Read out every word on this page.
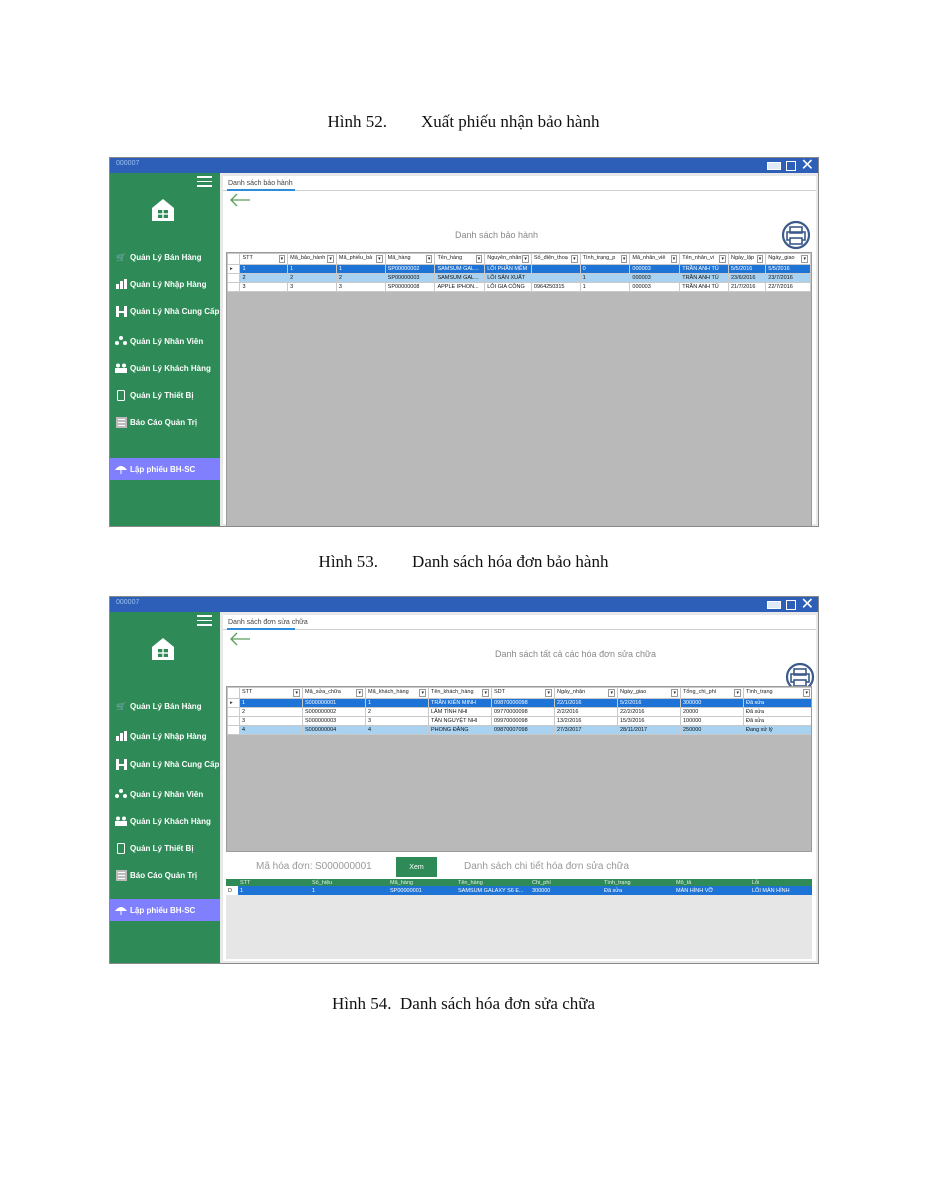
Hình 52.        Xuất phiếu nhận bảo hành
Hình 53.        Danh sách hóa đơn bảo hành
Hình 54.  Danh sách hóa đơn sửa chữa
000007	✕
🛒 Quản Lý Bán Hàng
Quản Lý Nhập Hàng
Quản Lý Nhà Cung Cấp
Quản Lý Nhân Viên
Quản Lý Khách Hàng
Quản Lý Thiết Bị
Báo Cáo Quản Trị
Lập phiếu BH-SC
Danh sách bảo hành
Danh sách bảo hành
	STT ▾	Mã_bảo_hành ▾	Mã_phiếu_bả ▾	Mã_hàng ▾	Tên_hàng ▾	Nguyên_nhân ▾	Số_điện_thoạ ▾	Tình_trạng_p ▾	Mã_nhân_viê ▾	Tên_nhân_vi ▾	Ngày_lập ▾	Ngày_giao ▾

▸	1	1	1	SP00000002	SAMSUM GAL...	LỖI PHẦN MỀM		0	000003	TRẦN ANH TÚ	5/5/2016	5/5/2016
	2	2	2	SP00000003	SAMSUM GAL...	LỖI SẢN XUẤT		1	000003	TRẦN ANH TÚ	23/6/2016	23/7/2016
	3	3	3	SP00000008	APPLE IPHON...	LỖI GIA CÔNG	0964250315	1	000003	TRẦN ANH TÚ	21/7/2016	22/7/2016
000007	✕
🛒 Quản Lý Bán Hàng
Quản Lý Nhập Hàng
Quản Lý Nhà Cung Cấp
Quản Lý Nhân Viên
Quản Lý Khách Hàng
Quản Lý Thiết Bị
Báo Cáo Quản Trị
Lập phiếu BH-SC
Danh sách đơn sửa chữa
Danh sách tất cả các hóa đơn sửa chữa
	STT ▾	Mã_sửa_chữa ▾	Mã_khách_hàng ▾	Tên_khách_hàng ▾	SDT ▾	Ngày_nhận ▾	Ngày_giao ▾	Tổng_chi_phí ▾	Tình_trạng ▾

▸	1	S000000001	1	TRẦN KIÊN MINH	09870000098	22/1/2016	5/2/2016	300000	Đã sửa
	2	S000000002	2	LÂM TÌNH NHI	09770000098	2/2/2016	22/2/2016	20000	Đã sửa
	3	S000000003	3	TÂN NGUYỆT NHI	09970000098	13/2/2016	15/3/2016	100000	Đã sửa
	4	S000000004	4	PHONG ĐĂNG	09870007098	27/3/2017	28/11/2017	250000	Đang xử lý
Mã hóa đơn: S000000001	Xem	Danh sách chi tiết hóa đơn sửa chữa
	STT	Số_hiệu	Mã_hàng	Tên_hàng	Chi_phí	Tình_trạng	Mô_tả	Lỗi
D	1	1	SP00000001	SAMSUM GALAXY S6 E...	300000	Đã sửa	MÀN HÌNH VỠ	LỖI MÀN HÌNH
